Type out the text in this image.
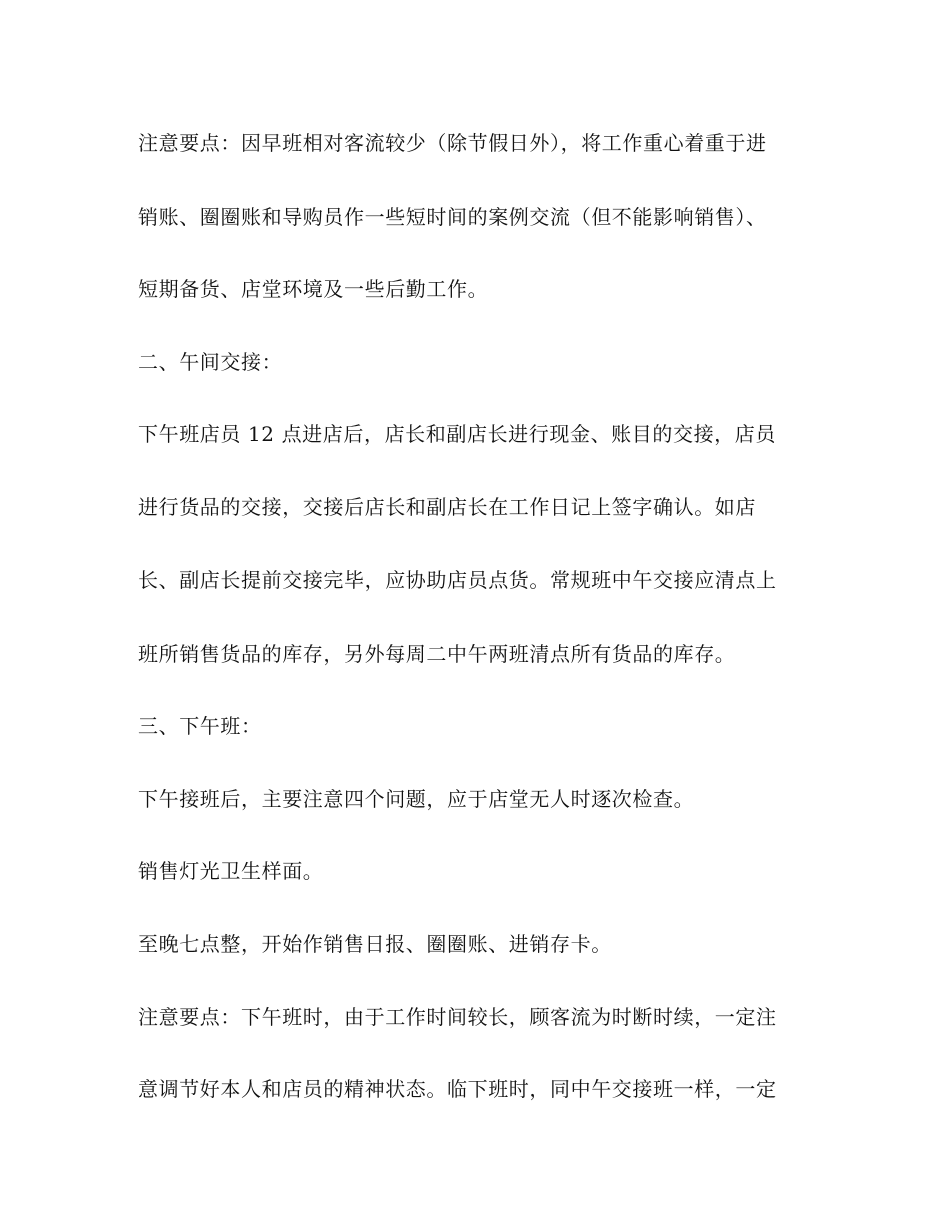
注意要点：因早班相对客流较少（除节假日外），将工作重心着重于进

销账、圈圈账和导购员作一些短时间的案例交流（但不能影响销售）、

短期备货、店堂环境及一些后勤工作。

二、午间交接：

下午班店员 12 点进店后，店长和副店长进行现金、账目的交接，店员

进行货品的交接，交接后店长和副店长在工作日记上签字确认。如店

长、副店长提前交接完毕，应协助店员点货。常规班中午交接应清点上

班所销售货品的库存，另外每周二中午两班清点所有货品的库存。

三、下午班：

下午接班后，主要注意四个问题，应于店堂无人时逐次检查。

销售灯光卫生样面。

至晚七点整，开始作销售日报、圈圈账、进销存卡。

注意要点：下午班时，由于工作时间较长，顾客流为时断时续，一定注

意调节好本人和店员的精神状态。临下班时，同中午交接班一样，一定
